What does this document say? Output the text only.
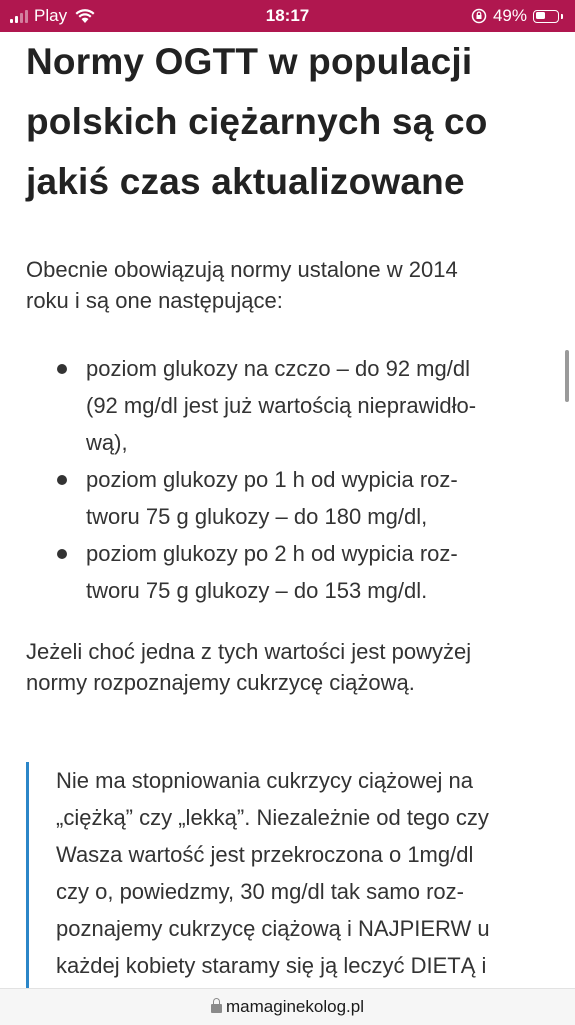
Play	18:17	49%
Normy OGTT w populacji
polskich ciężarnych są co
jakiś czas aktualizowane

Obecnie obowiązują normy ustalone w 2014
roku i są one następujące:

poziom glukozy na czczo – do 92 mg/dl
(92 mg/dl jest już wartością nieprawidło-
wą),
poziom glukozy po 1 h od wypicia roz-
tworu 75 g glukozy – do 180 mg/dl,
poziom glukozy po 2 h od wypicia roz-
tworu 75 g glukozy – do 153 mg/dl.

Jeżeli choć jedna z tych wartości jest powyżej
normy rozpoznajemy cukrzycę ciążową.

Nie ma stopniowania cukrzycy ciążowej na
„ciężką” czy „lekką”. Niezależnie od tego czy
Wasza wartość jest przekroczona o 1mg/dl
czy o, powiedzmy, 30 mg/dl tak samo roz-
poznajemy cukrzycę ciążową i NAJPIERW u
każdej kobiety staramy się ją leczyć DIETĄ i

mamaginekolog.pl
